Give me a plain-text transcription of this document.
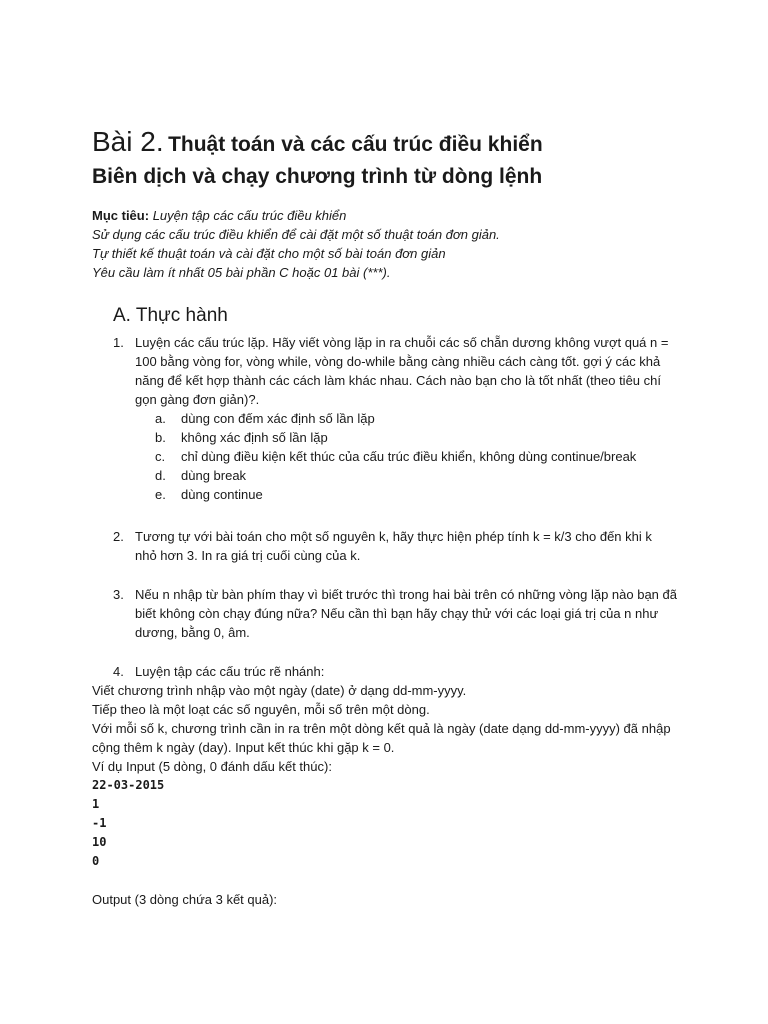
Bài 2. Thuật toán và các cấu trúc điều khiển
Biên dịch và chạy chương trình từ dòng lệnh
Mục tiêu: Luyện tập các cấu trúc điều khiển
Sử dụng các cấu trúc điều khiển để cài đặt một số thuật toán đơn giản.
Tự thiết kế thuật toán và cài đặt cho một số bài toán đơn giản
Yêu cầu làm ít nhất 05 bài phần C hoặc 01 bài (***).
A. Thực hành
1. Luyện các cấu trúc lặp. Hãy viết vòng lặp in ra chuỗi các số chẵn dương không vượt quá n = 100 bằng vòng for, vòng while, vòng do-while bằng càng nhiều cách càng tốt. gợi ý các khả năng để kết hợp thành các cách làm khác nhau. Cách nào bạn cho là tốt nhất (theo tiêu chí gọn gàng đơn giản)?.
a. dùng con đếm xác định số lần lặp
b. không xác định số lần lặp
c. chỉ dùng điều kiện kết thúc của cấu trúc điều khiển, không dùng continue/break
d. dùng break
e. dùng continue
2. Tương tự với bài toán cho một số nguyên k, hãy thực hiện phép tính k = k/3 cho đến khi k nhỏ hơn 3. In ra giá trị cuối cùng của k.
3. Nếu n nhập từ bàn phím thay vì biết trước thì trong hai bài trên có những vòng lặp nào bạn đã biết không còn chạy đúng nữa? Nếu cần thì bạn hãy chạy thử với các loại giá trị của n như dương, bằng 0, âm.
4. Luyện tập các cấu trúc rẽ nhánh:
Viết chương trình nhập vào một ngày (date) ở dạng dd-mm-yyyy.
Tiếp theo là một loạt các số nguyên, mỗi số trên một dòng.
Với mỗi số k, chương trình cần in ra trên một dòng kết quả là ngày (date dạng dd-mm-yyyy) đã nhập cộng thêm k ngày (day). Input kết thúc khi gặp k = 0.
Ví dụ Input (5 dòng, 0 đánh dấu kết thúc):
22-03-2015
1
-1
10
0
Output (3 dòng chứa 3 kết quả):
